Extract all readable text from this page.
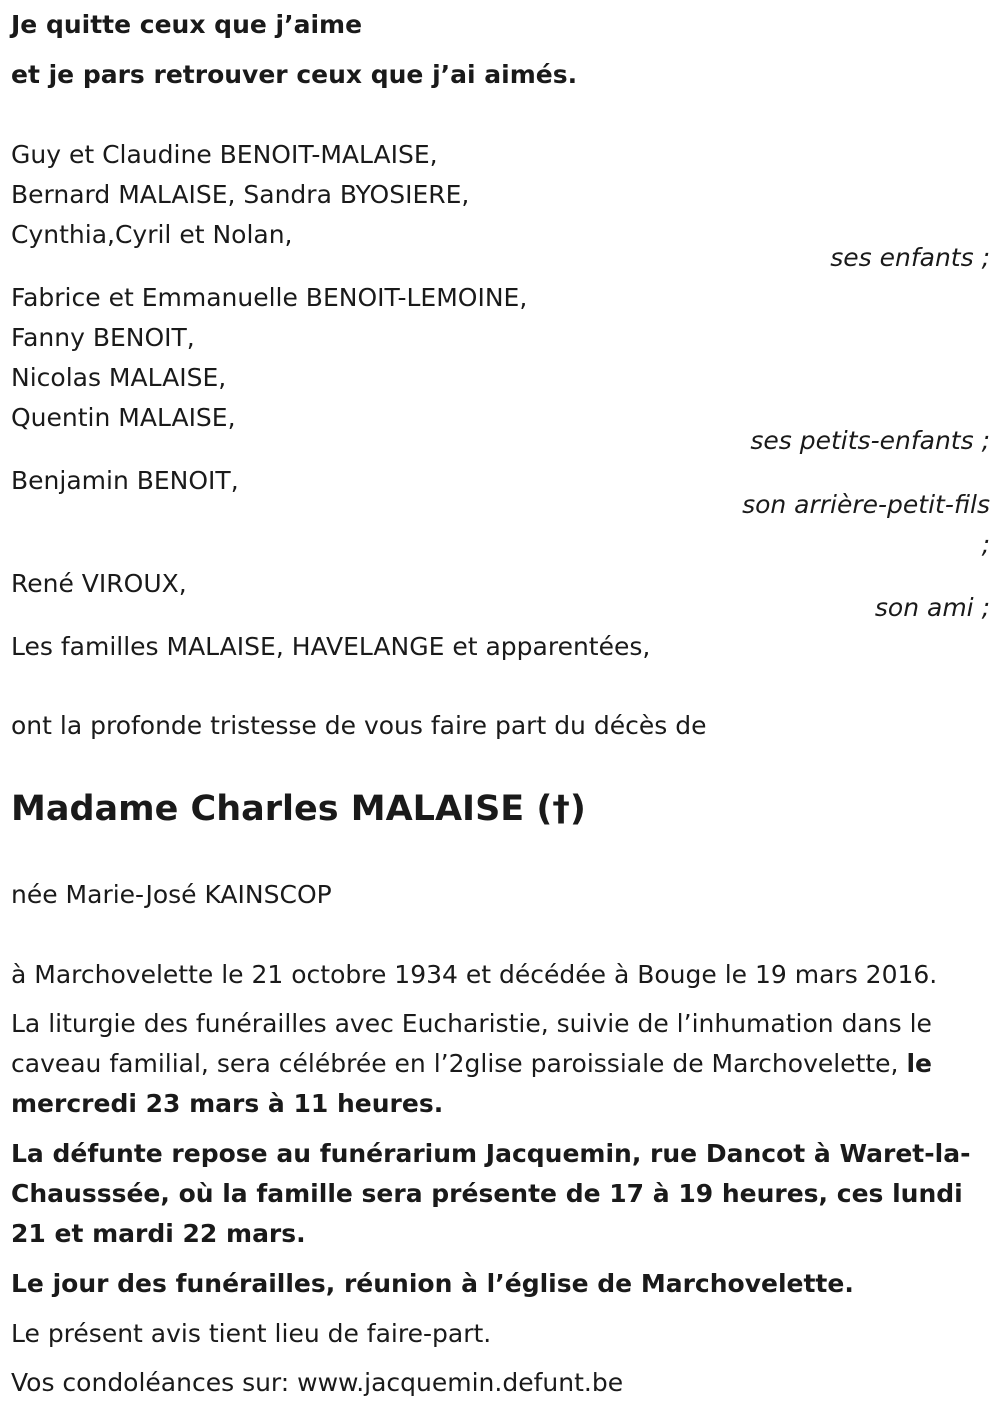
Je quitte ceux que j’aime
et je pars retrouver ceux que j’ai aimés.
Guy et Claudine BENOIT-MALAISE,
Bernard MALAISE, Sandra BYOSIERE,
Cynthia,Cyril et Nolan,
ses enfants ;
Fabrice et Emmanuelle BENOIT-LEMOINE,
Fanny BENOIT,
Nicolas MALAISE,
Quentin MALAISE,
ses petits-enfants ;
Benjamin BENOIT,
son arrière-petit-fils
;
René VIROUX,
son ami ;
Les familles MALAISE, HAVELANGE et apparentées,
ont la profonde tristesse de vous faire part du décès de
Madame Charles MALAISE (†)
née Marie-José KAINSCOP
à Marchovelette le 21 octobre 1934 et décédée à Bouge le 19 mars 2016.
La liturgie des funérailles avec Eucharistie, suivie de l’inhumation dans le caveau familial, sera célébrée en l’2glise paroissiale de Marchovelette, le mercredi 23 mars à 11 heures.
La défunte repose au funérarium Jacquemin, rue Dancot à Waret-la-Chausssée, où la famille sera présente de 17 à 19 heures, ces lundi 21 et mardi 22 mars.
Le jour des funérailles, réunion à l’église de Marchovelette.
Le présent avis tient lieu de faire-part.
Vos condoléances sur: www.jacquemin.defunt.be
